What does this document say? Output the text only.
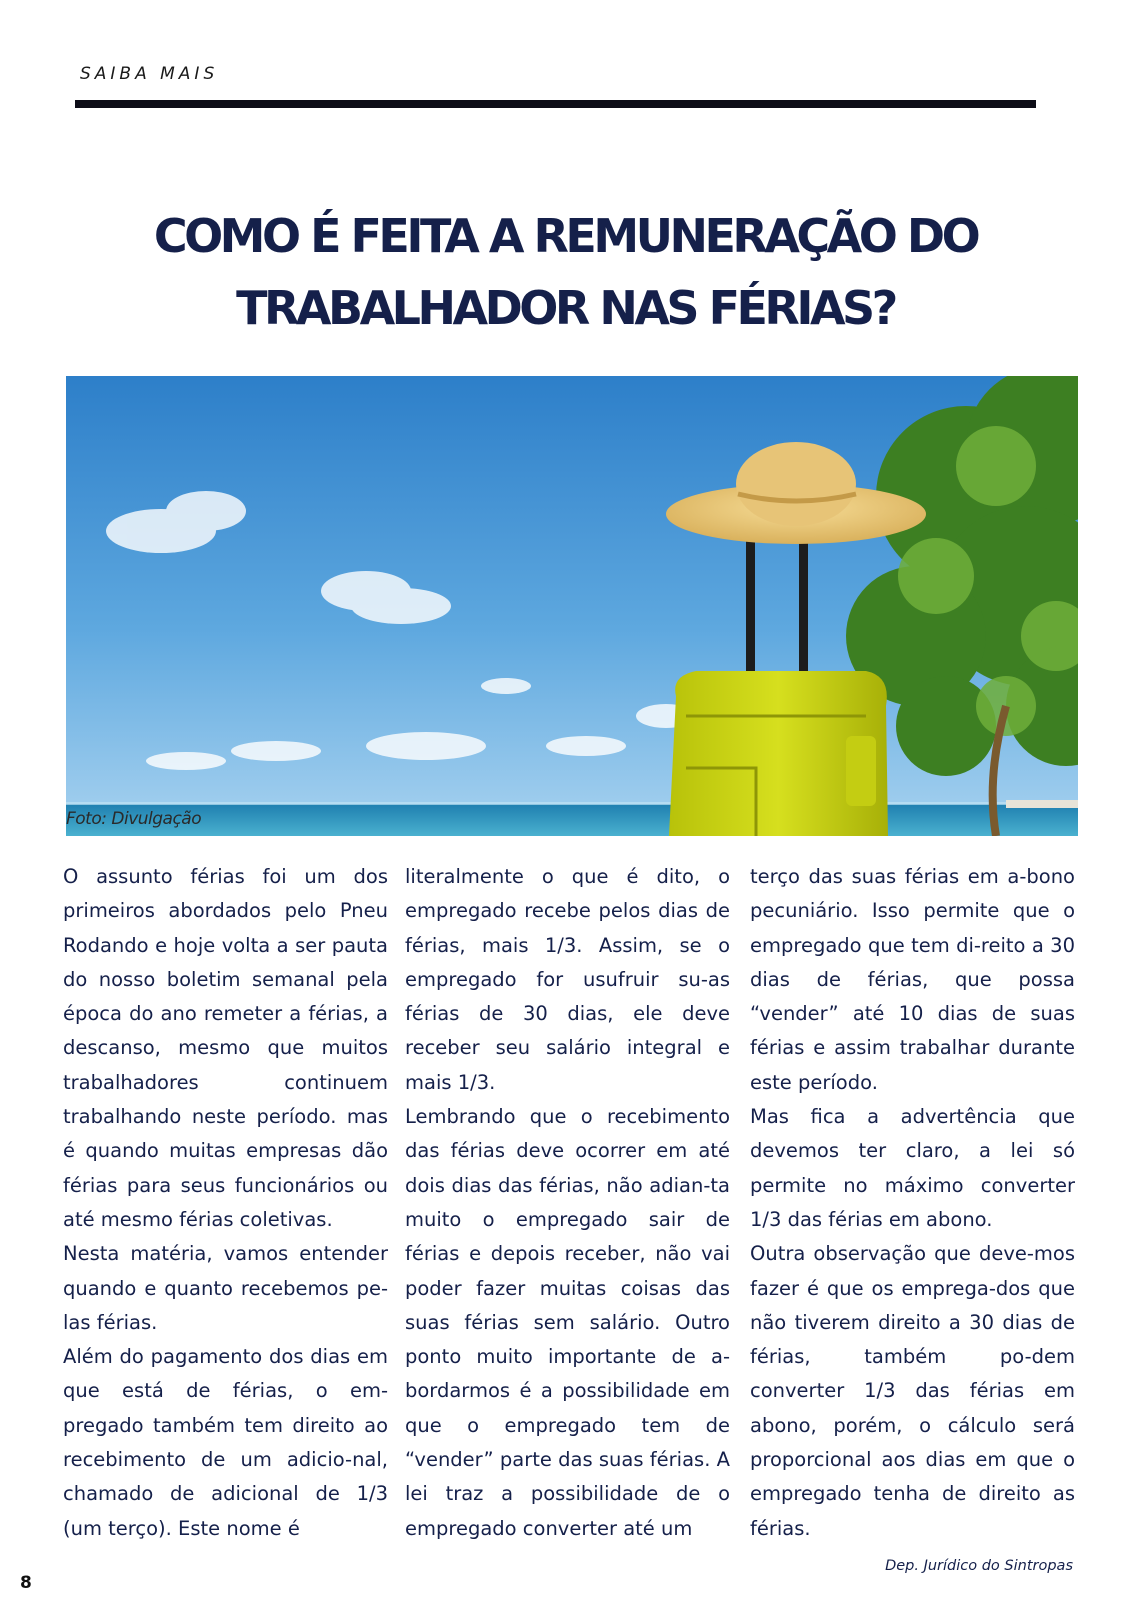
SAIBA MAIS
COMO É FEITA A REMUNERAÇÃO DO
TRABALHADOR NAS FÉRIAS?
Foto: Divulgação

O assunto férias foi um dos primeiros abordados pelo Pneu Rodando e hoje volta a ser pauta do nosso boletim semanal pela época do ano remeter a férias, a descanso, mesmo que muitos trabalhadores continuem trabalhando neste período. mas é quando muitas empresas dão férias para seus funcionários ou até mesmo férias coletivas.

Nesta matéria, vamos entender quando e quanto recebemos pe-las férias.

Além do pagamento dos dias em que está de férias, o em-pregado também tem direito ao recebimento de um adicio-nal, chamado de adicional de 1/3 (um terço). Este nome é

literalmente o que é dito, o empregado recebe pelos dias de férias, mais 1/3. Assim, se o empregado for usufruir su-as férias de 30 dias, ele deve receber seu salário integral e mais 1/3.

Lembrando que o recebimento das férias deve ocorrer em até dois dias das férias, não adian-ta muito o empregado sair de férias e depois receber, não vai poder fazer muitas coisas das suas férias sem salário. Outro ponto muito importante de a-bordarmos é a possibilidade em que o empregado tem de “vender” parte das suas férias. A lei traz a possibilidade de o empregado converter até um

terço das suas férias em a-bono pecuniário. Isso permite que o empregado que tem di-reito a 30 dias de férias, que possa “vender” até 10 dias de suas férias e assim trabalhar durante este período.

Mas fica a advertência que devemos ter claro, a lei só permite no máximo converter 1/3 das férias em abono.

Outra observação que deve-mos fazer é que os emprega-dos que não tiverem direito a 30 dias de férias, também po-dem converter 1/3 das férias em abono, porém, o cálculo será proporcional aos dias em que o empregado tenha de direito as férias.

8
Dep. Jurídico do Sintropas
